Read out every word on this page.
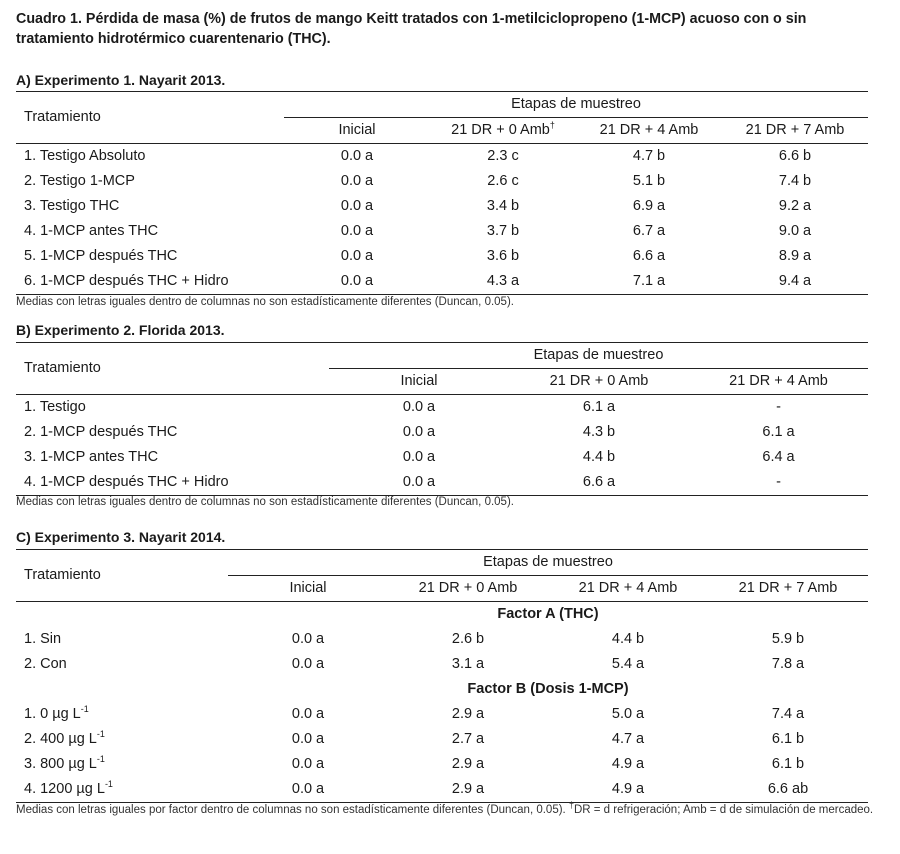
Cuadro 1. Pérdida de masa (%) de frutos de mango Keitt tratados con 1-metilciclopropeno (1-MCP) acuoso con o sin tratamiento hidrotérmico cuarentenario (THC).
A) Experimento 1. Nayarit 2013.
Tratamiento	Etapas de muestreo			
	Inicial	21 DR + 0 Amb†	21 DR + 4 Amb	21 DR + 7 Amb
1. Testigo Absoluto	0.0 a	2.3 c	4.7 b	6.6 b
2. Testigo 1-MCP	0.0 a	2.6 c	5.1 b	7.4 b
3. Testigo THC	0.0 a	3.4 b	6.9 a	9.2 a
4. 1-MCP antes THC	0.0 a	3.7 b	6.7 a	9.0 a
5. 1-MCP después THC	0.0 a	3.6 b	6.6 a	8.9 a
6. 1-MCP después THC + Hidro	0.0 a	4.3 a	7.1 a	9.4 a
Medias con letras iguales dentro de columnas no son estadísticamente diferentes (Duncan, 0.05).
B) Experimento 2. Florida 2013.
Tratamiento	Etapas de muestreo		
	Inicial	21 DR + 0 Amb	21 DR + 4 Amb
1. Testigo	0.0 a	6.1 a	-
2. 1-MCP después THC	0.0 a	4.3 b	6.1 a
3. 1-MCP antes THC	0.0 a	4.4 b	6.4 a
4. 1-MCP después THC + Hidro	0.0 a	6.6 a	-
Medias con letras iguales dentro de columnas no son estadísticamente diferentes (Duncan, 0.05).
C) Experimento 3. Nayarit 2014.
Tratamiento	Etapas de muestreo			
	Inicial	21 DR + 0 Amb	21 DR + 4 Amb	21 DR + 7 Amb
	Factor A (THC)			
1. Sin	0.0 a	2.6 b	4.4 b	5.9 b
2. Con	0.0 a	3.1 a	5.4 a	7.8 a
	Factor B (Dosis 1-MCP)			
1. 0 µg $L^{-1}$	0.0 a	2.9 a	5.0 a	7.4 a
2. 400 µg $L^{-1}$	0.0 a	2.7 a	4.7 a	6.1 b
3. 800 µg $L^{-1}$	0.0 a	2.9 a	4.9 a	6.1 b
4. 1200 µg $L^{-1}$	0.0 a	2.9 a	4.9 a	6.6 ab
Medias con letras iguales por factor dentro de columnas no son estadísticamente diferentes (Duncan, 0.05). †DR = d refrigeración; Amb = d de simulación de mercadeo.
